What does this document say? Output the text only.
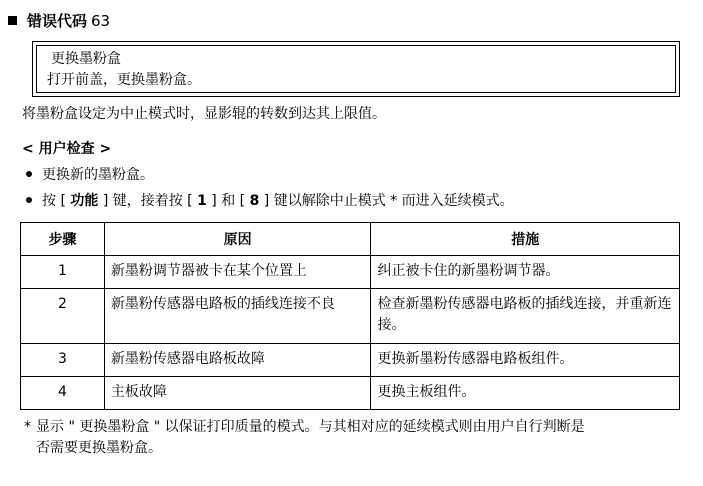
错误代码 63
更换墨粉盒
打开前盖，更换墨粉盒。
将墨粉盒设定为中止模式时，显影辊的转数到达其上限值。
< 用户检查 >
更换新的墨粉盒。
按 [ 功能 ] 键，接着按 [ 1 ] 和 [ 8 ] 键以解除中止模式 * 而进入延续模式。
步骤	原因	措施
1	新墨粉调节器被卡在某个位置上	纠正被卡住的新墨粉调节器。
2	新墨粉传感器电路板的插线连接不良	检查新墨粉传感器电路板的插线连接，并重新连接。
3	新墨粉传感器电路板故障	更换新墨粉传感器电路板组件。
4	主板故障	更换主板组件。
* 显示 " 更换墨粉盒 " 以保证打印质量的模式。与其相对应的延续模式则由用户自行判断是
否需要更换墨粉盒。
